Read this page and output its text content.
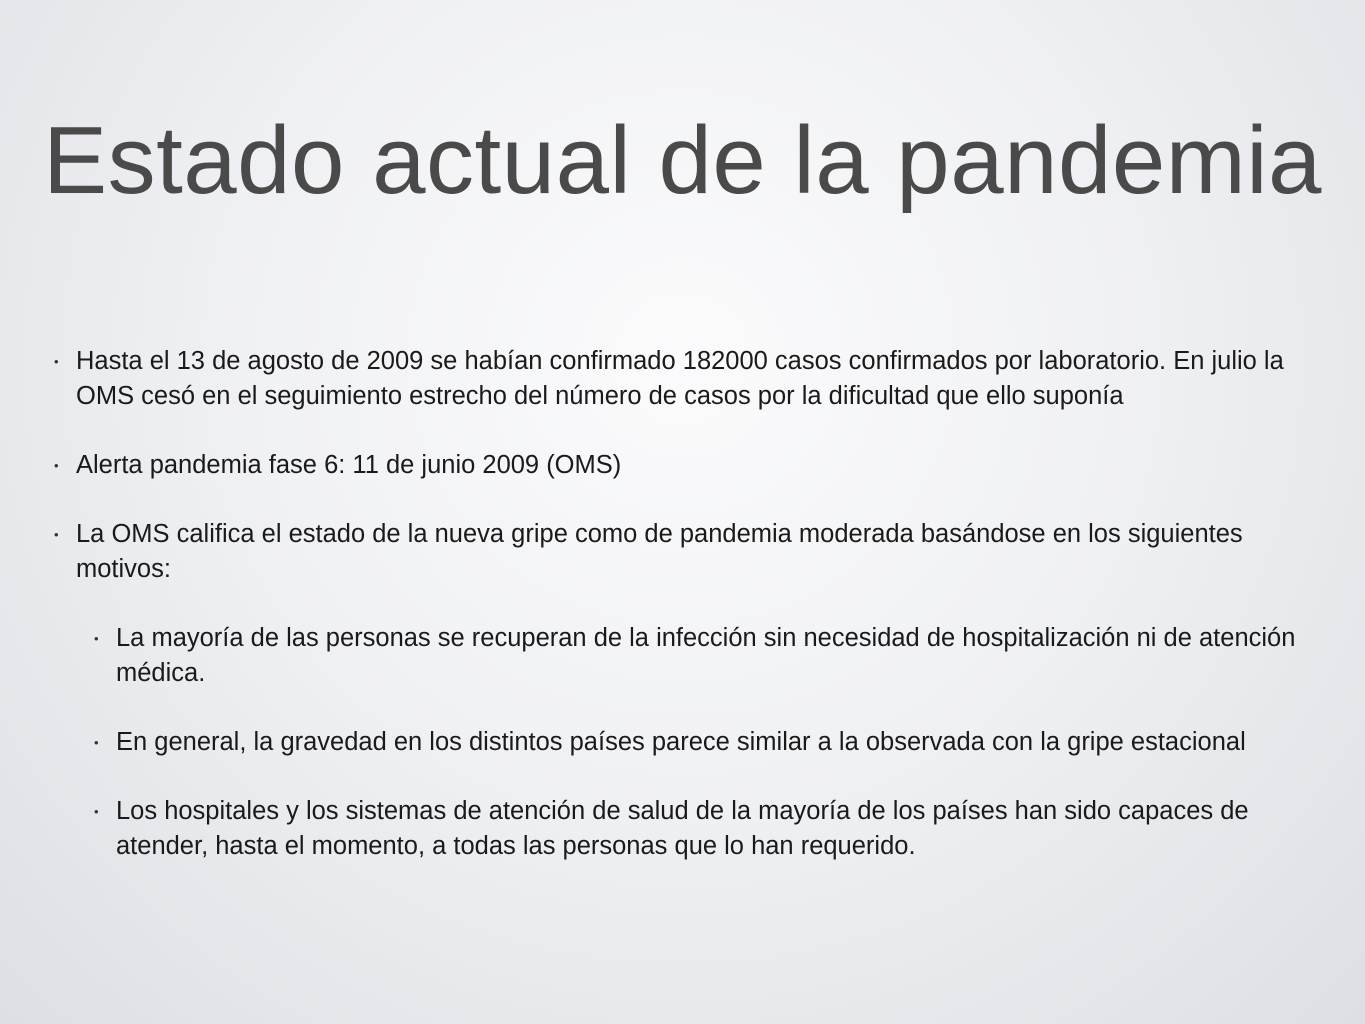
Estado actual de la pandemia
• Hasta el 13 de agosto de 2009 se habían confirmado 182000 casos confirmados por laboratorio. En julio la OMS cesó en el seguimiento estrecho del número de casos por la dificultad que ello suponía
• Alerta pandemia fase 6: 11 de junio 2009 (OMS)
• La OMS califica el estado de la nueva gripe como de pandemia moderada basándose en los siguientes motivos:
• La mayoría de las personas se recuperan de la infección sin necesidad de hospitalización ni de atención médica.
• En general, la gravedad en los distintos países parece similar a la observada con la gripe estacional
• Los hospitales y los sistemas de atención de salud de la mayoría de los países han sido capaces de atender, hasta el momento, a todas las personas que lo han requerido.
